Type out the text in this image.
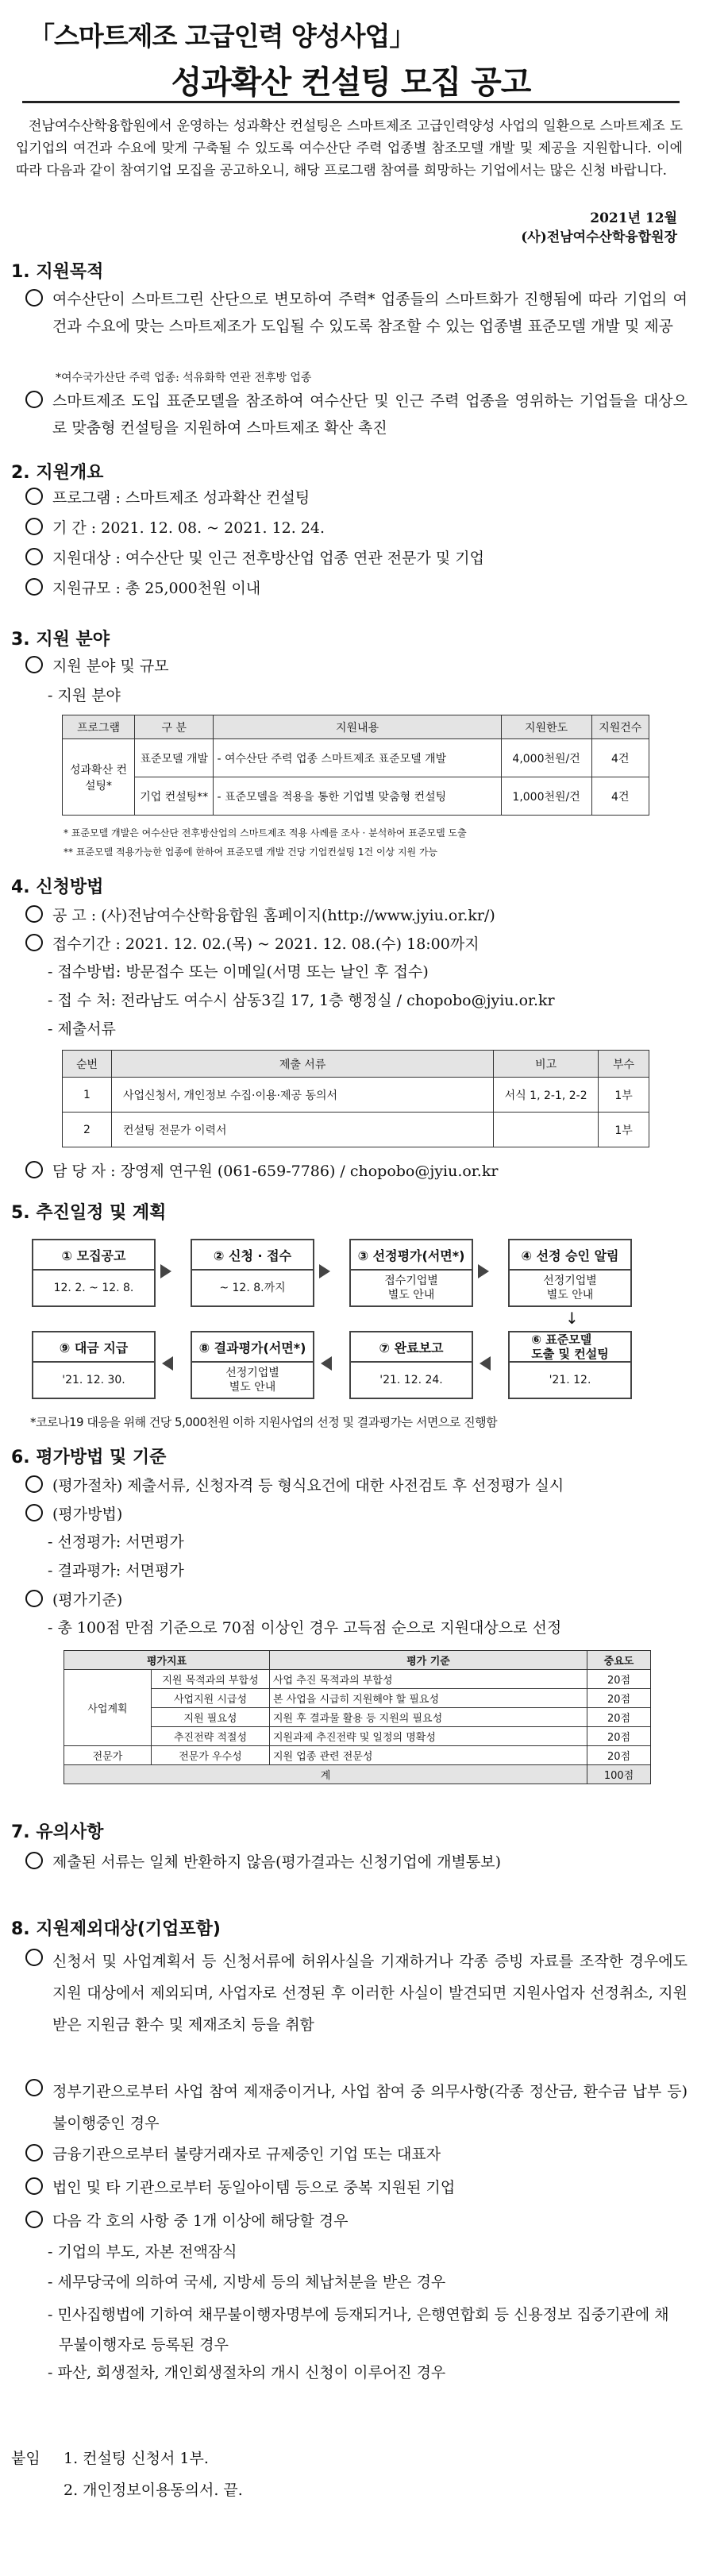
「스마트제조 고급인력 양성사업」
성과확산 컨설팅 모집 공고
전남여수산학융합원에서 운영하는 성과확산 컨설팅은 스마트제조 고급인력양성 사업의 일환으로 스마트제조 도입기업의 여건과 수요에 맞게 구축될 수 있도록 여수산단 주력 업종별 참조모델 개발 및 제공을 지원합니다. 이에 따라 다음과 같이 참여기업 모집을 공고하오니, 해당 프로그램 참여를 희망하는 기업에서는 많은 신청 바랍니다.
2021년 12월
(사)전남여수산학융합원장
1. 지원목적
여수산단이 스마트그린 산단으로 변모하여 주력* 업종들의 스마트화가 진행됨에 따라 기업의 여건과 수요에 맞는 스마트제조가 도입될 수 있도록 참조할 수 있는 업종별 표준모델 개발 및 제공
*여수국가산단 주력 업종: 석유화학 연관 전후방 업종
스마트제조 도입 표준모델을 참조하여 여수산단 및 인근 주력 업종을 영위하는 기업들을 대상으로 맞춤형 컨설팅을 지원하여 스마트제조 확산 촉진
2. 지원개요
프로그램 : 스마트제조 성과확산 컨설팅
기 간 : 2021. 12. 08. ~ 2021. 12. 24.
지원대상 : 여수산단 및 인근 전후방산업 업종 연관 전문가 및 기업
지원규모 : 총 25,000천원 이내
3. 지원 분야
지원 분야 및 규모
- 지원 분야
프로그램	구 분	지원내용	지원한도	지원건수
성과확산 컨설팅*	표준모델 개발	- 여수산단 주력 업종 스마트제조 표준모델 개발	4,000천원/건	4건
	기업 컨설팅**	- 표준모델을 적용을 통한 기업별 맞춤형 컨설팅	1,000천원/건	4건
* 표준모델 개발은 여수산단 전후방산업의 스마트제조 적용 사례를 조사 · 분석하여 표준모델 도출
** 표준모델 적용가능한 업종에 한하여 표준모델 개발 건당 기업컨설팅 1건 이상 지원 가능
4. 신청방법
공 고 : (사)전남여수산학융합원 홈페이지(http://www.jyiu.or.kr/)
접수기간 : 2021. 12. 02.(목) ~ 2021. 12. 08.(수) 18:00까지
- 접수방법: 방문접수 또는 이메일(서명 또는 날인 후 접수)
- 접 수 처: 전라남도 여수시 삼동3길 17, 1층 행정실 / chopobo@jyiu.or.kr
- 제출서류
순번	제출 서류	비고	부수
1	사업신청서, 개인정보 수집·이용·제공 동의서	서식 1, 2-1, 2-2	1부
2	컨설팅 전문가 이력서		1부
담 당 자 : 장영제 연구원 (061-659-7786) / chopobo@jyiu.or.kr
5. 추진일정 및 계획
① 모집공고
12. 2. ~ 12. 8.
② 신청 · 접수
~ 12. 8.까지
③ 선정평가(서면*)
접수기업별
별도 안내
④ 선정 승인 알림
선정기업별
별도 안내
↓
⑨ 대금 지급
'21. 12. 30.
⑧ 결과평가(서면*)
선정기업별
별도 안내
⑦ 완료보고
'21. 12. 24.
⑥ 표준모델
도출 및 컨설팅
'21. 12.
*코로나19 대응을 위해 건당 5,000천원 이하 지원사업의 선정 및 결과평가는 서면으로 진행함
6. 평가방법 및 기준
(평가절차) 제출서류, 신청자격 등 형식요건에 대한 사전검토 후 선정평가 실시
(평가방법)
- 선정평가: 서면평가
- 결과평가: 서면평가
(평가기준)
- 총 100점 만점 기준으로 70점 이상인 경우 고득점 순으로 지원대상으로 선정
평가지표		평가 기준	중요도
사업계획	지원 목적과의 부합성	사업 추진 목적과의 부합성	20점
	사업지원 시급성	본 사업을 시급히 지원해야 할 필요성	20점
	지원 필요성	지원 후 결과물 활용 등 지원의 필요성	20점
	추진전략 적절성	지원과제 추진전략 및 일정의 명확성	20점
전문가	전문가 우수성	지원 업종 관련 전문성	20점
계			100점
7. 유의사항
제출된 서류는 일체 반환하지 않음(평가결과는 신청기업에 개별통보)
8. 지원제외대상(기업포함)
신청서 및 사업계획서 등 신청서류에 허위사실을 기재하거나 각종 증빙 자료를 조작한 경우에도 지원 대상에서 제외되며, 사업자로 선정된 후 이러한 사실이 발견되면 지원사업자 선정취소, 지원받은 지원금 환수 및 제재조치 등을 취함
정부기관으로부터 사업 참여 제재중이거나, 사업 참여 중 의무사항(각종 정산금, 환수금 납부 등) 불이행중인 경우
금융기관으로부터 불량거래자로 규제중인 기업 또는 대표자
법인 및 타 기관으로부터 동일아이템 등으로 중복 지원된 기업
다음 각 호의 사항 중 1개 이상에 해당할 경우
- 기업의 부도, 자본 전액잠식
- 세무당국에 의하여 국세, 지방세 등의 체납처분을 받은 경우
- 민사집행법에 기하여 채무불이행자명부에 등재되거나, 은행연합회 등 신용정보 집중기관에 채무불이행자로 등록된 경우
- 파산, 회생절차, 개인회생절차의 개시 신청이 이루어진 경우
붙임 1. 컨설팅 신청서 1부.
2. 개인정보이용동의서. 끝.
